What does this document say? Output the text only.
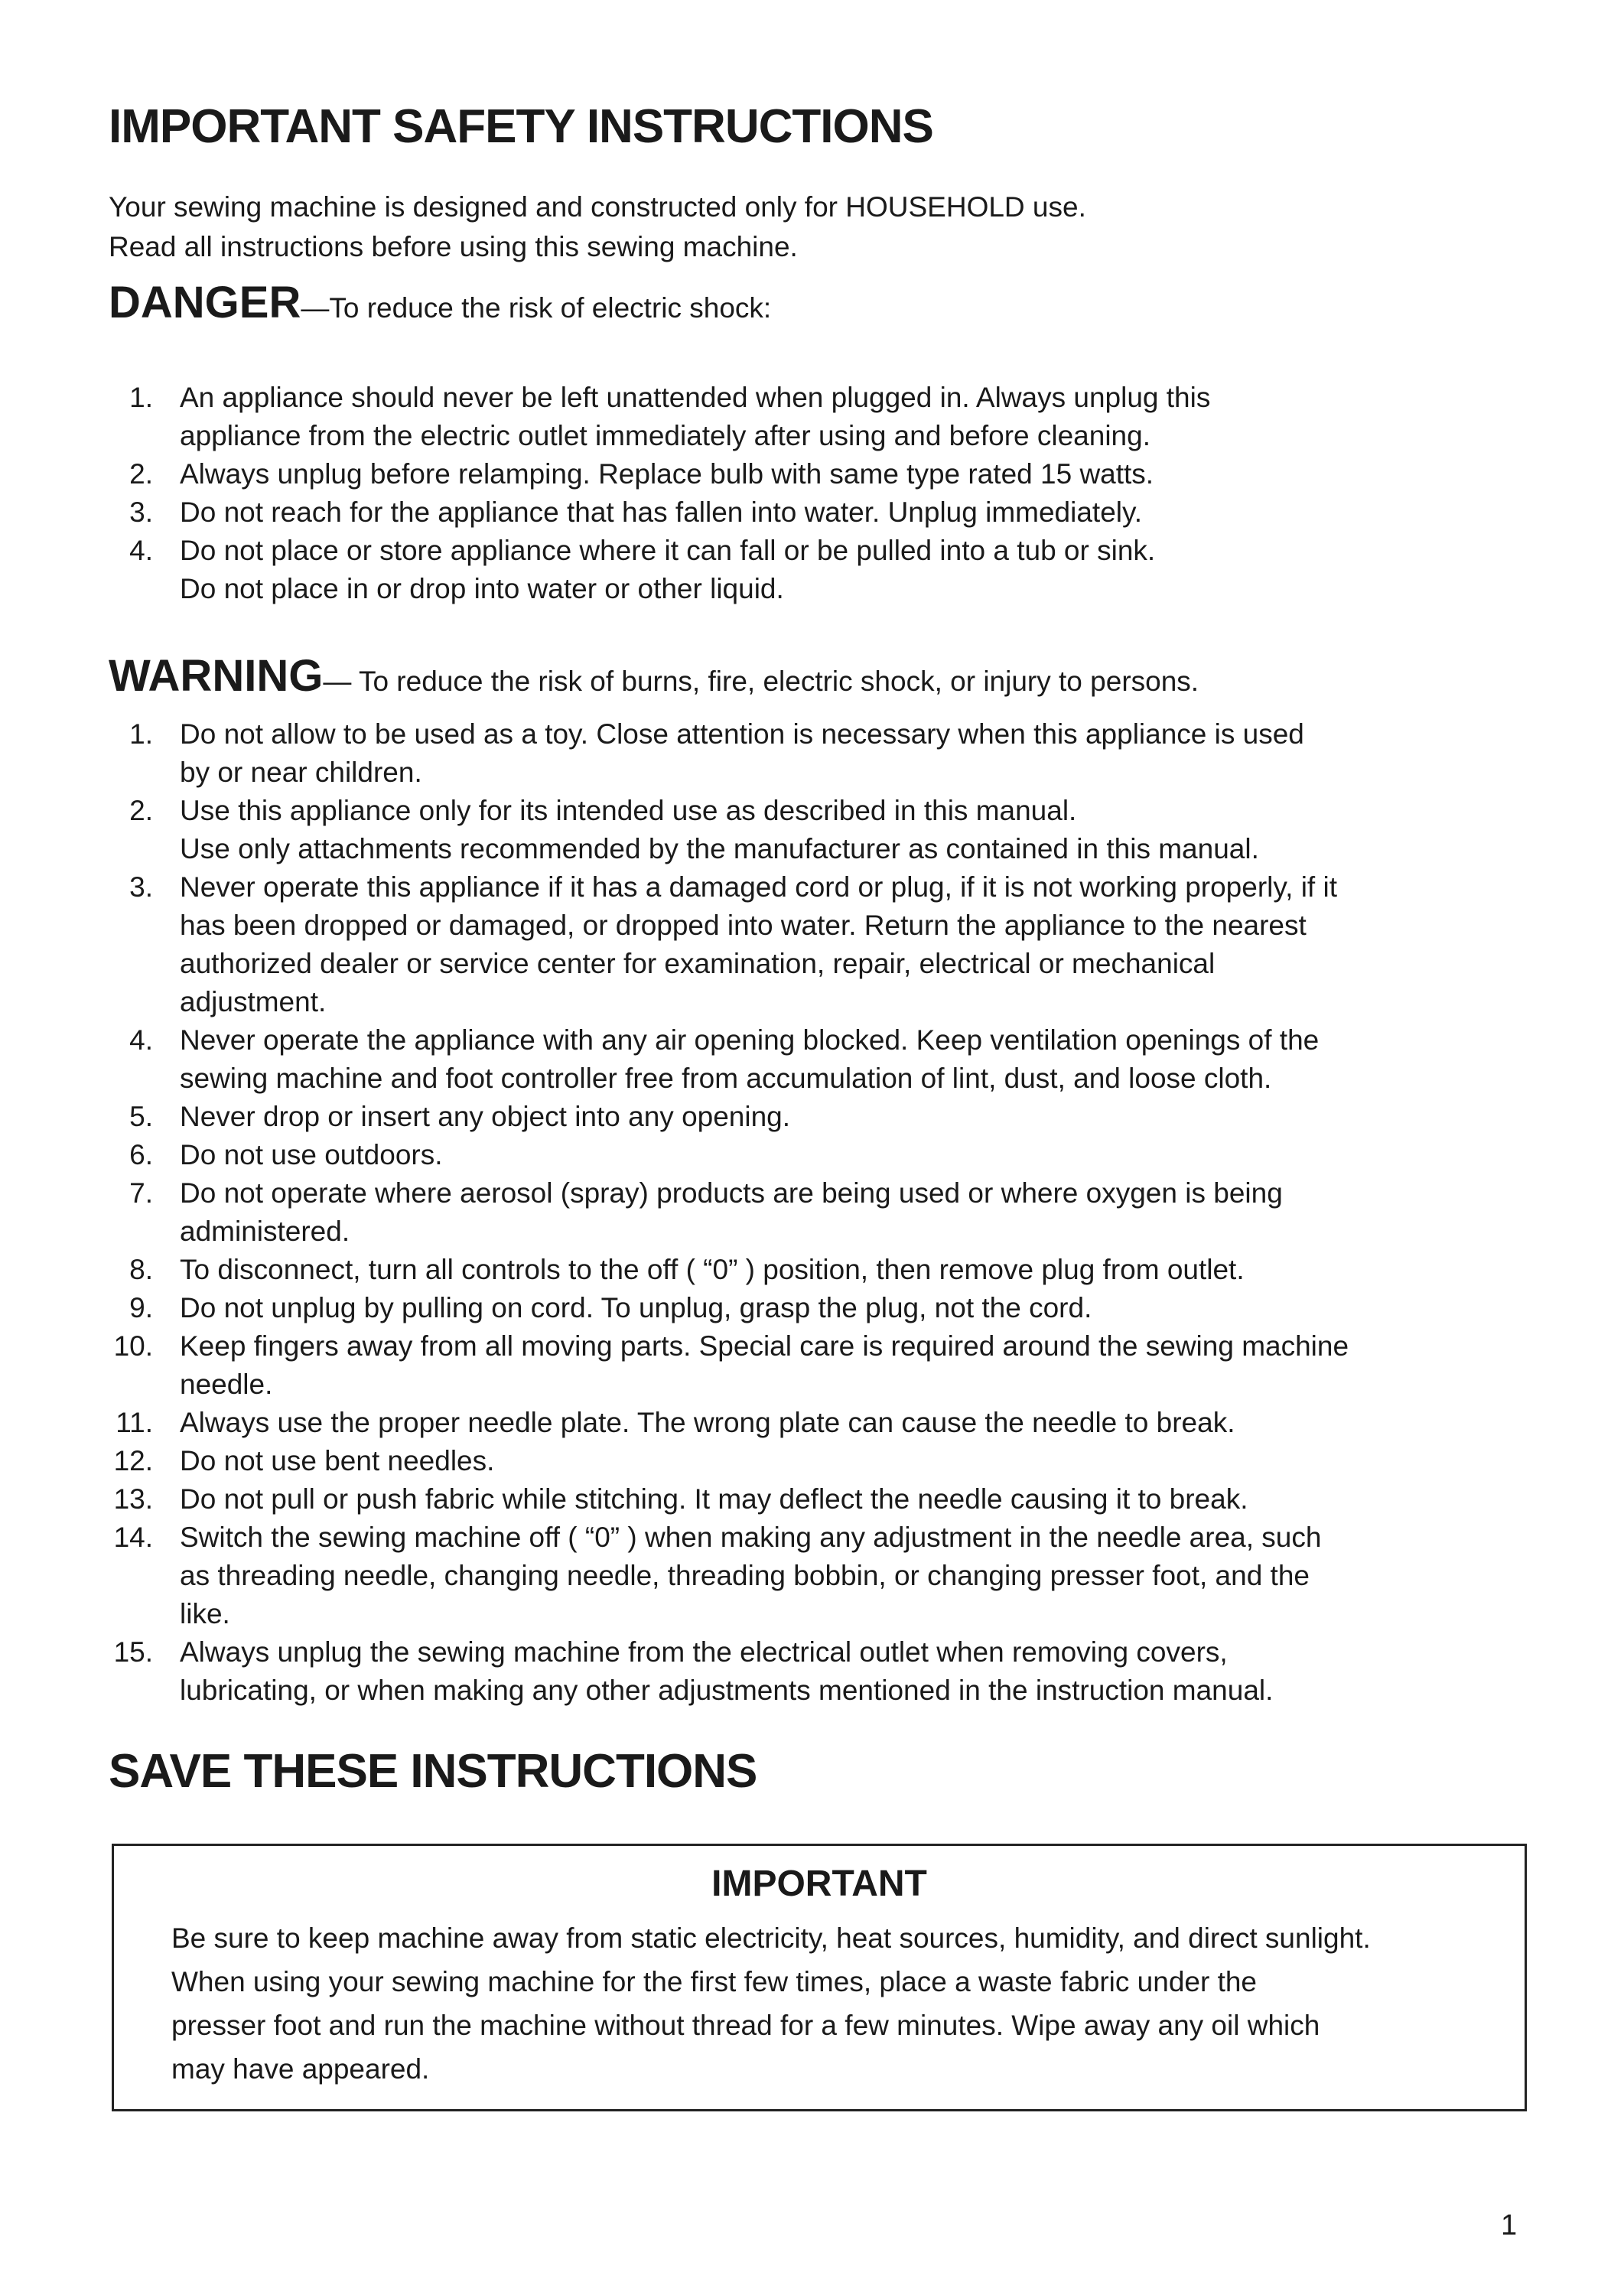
IMPORTANT SAFETY INSTRUCTIONS
Your sewing machine is designed and constructed only for HOUSEHOLD use.
Read all instructions before using this sewing machine.
DANGER—To reduce the risk of electric shock:
1. An appliance should never be left unattended when plugged in. Always unplug this
appliance from the electric outlet immediately after using and before cleaning.
2. Always unplug before relamping. Replace bulb with same type rated 15 watts.
3. Do not reach for the appliance that has fallen into water. Unplug immediately.
4. Do not place or store appliance where it can fall or be pulled into a tub or sink.
Do not place in or drop into water or other liquid.
WARNING— To reduce the risk of burns, fire, electric shock, or injury to persons.
1. Do not allow to be used as a toy. Close attention is necessary when this appliance is used
by or near children.
2. Use this appliance only for its intended use as described in this manual.
Use only attachments recommended by the manufacturer as contained in this manual.
3. Never operate this appliance if it has a damaged cord or plug, if it is not working properly, if it
has been dropped or damaged, or dropped into water. Return the appliance to the nearest
authorized dealer or service center for examination, repair, electrical or mechanical
adjustment.
4. Never operate the appliance with any air opening blocked. Keep ventilation openings of the
sewing machine and foot controller free from accumulation of lint, dust, and loose cloth.
5. Never drop or insert any object into any opening.
6. Do not use outdoors.
7. Do not operate where aerosol (spray) products are being used or where oxygen is being
administered.
8. To disconnect, turn all controls to the off ( “0” ) position, then remove plug from outlet.
9. Do not unplug by pulling on cord. To unplug, grasp the plug, not the cord.
10. Keep fingers away from all moving parts. Special care is required around the sewing machine
needle.
11. Always use the proper needle plate. The wrong plate can cause the needle to break.
12. Do not use bent needles.
13. Do not pull or push fabric while stitching. It may deflect the needle causing it to break.
14. Switch the sewing machine off ( “0” ) when making any adjustment in the needle area, such
as threading needle, changing needle, threading bobbin, or changing presser foot, and the
like.
15. Always unplug the sewing machine from the electrical outlet when removing covers,
lubricating, or when making any other adjustments mentioned in the instruction manual.
SAVE THESE INSTRUCTIONS
IMPORTANT
Be sure to keep machine away from static electricity, heat sources, humidity, and direct sunlight.
When using your sewing machine for the first few times, place a waste fabric under the
presser foot and run the machine without thread for a few minutes. Wipe away any oil which
may have appeared.
1
